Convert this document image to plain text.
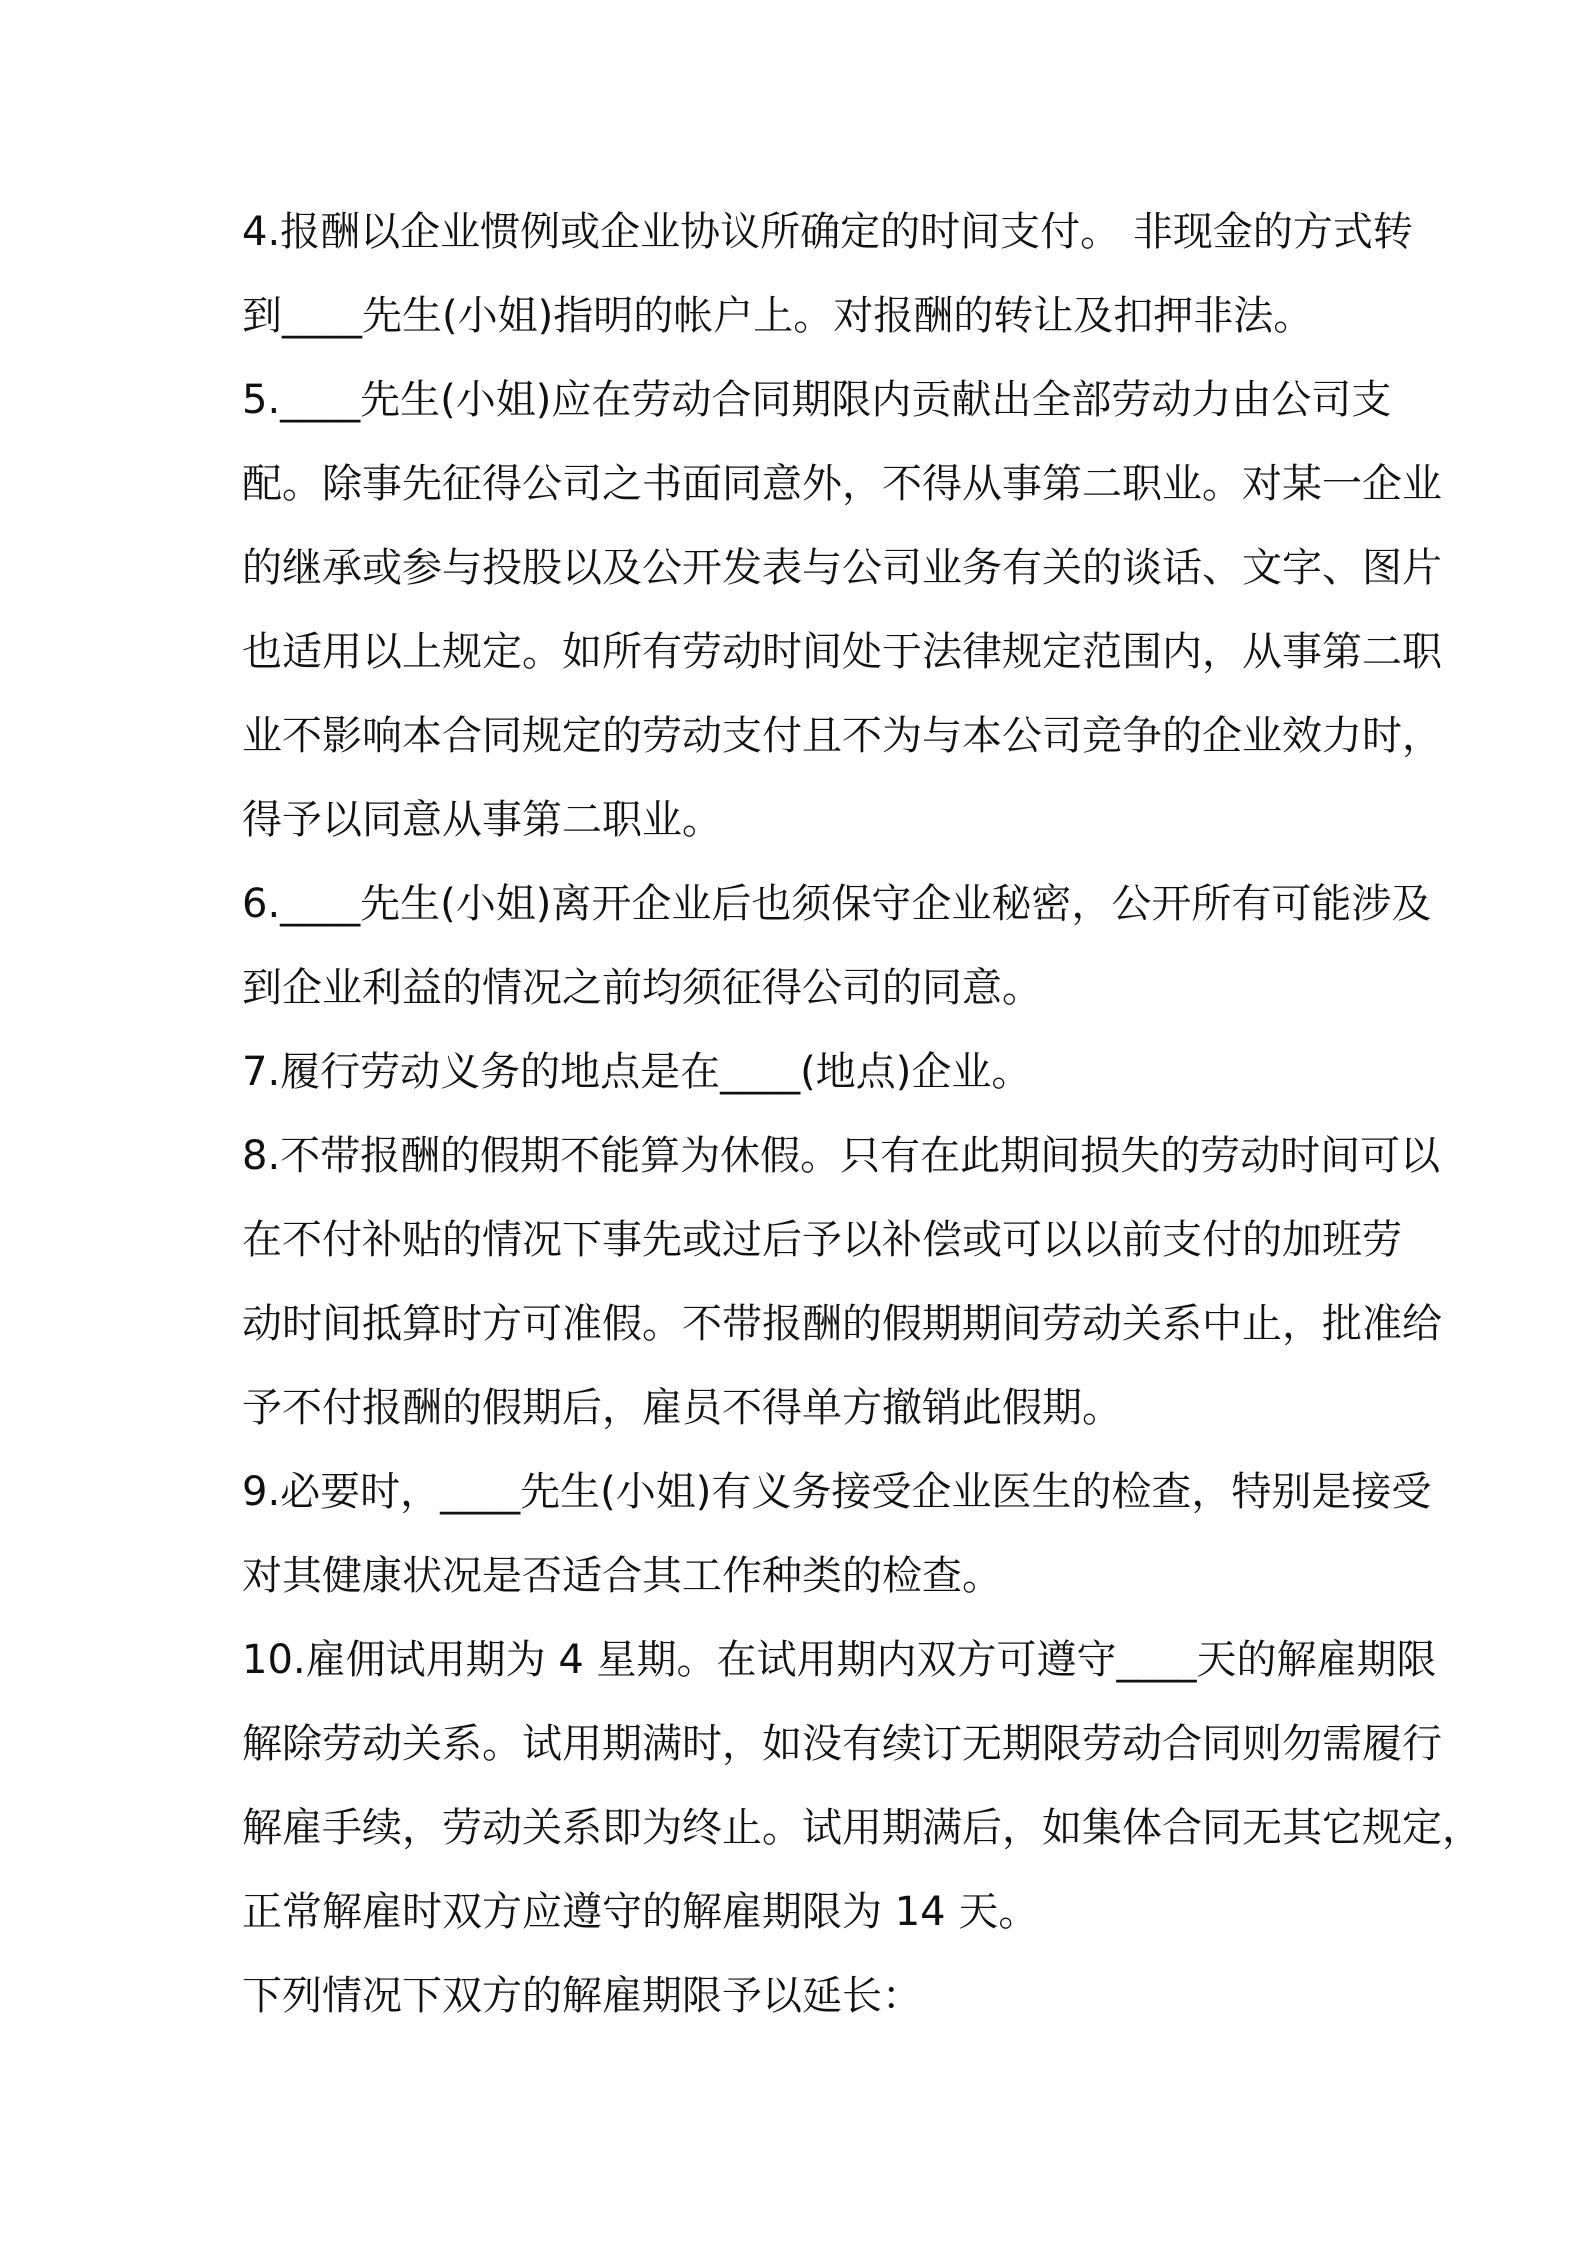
4.报酬以企业惯例或企业协议所确定的时间支付。 非现金的方式转
到____先生(小姐)指明的帐户上。对报酬的转让及扣押非法。
5.____先生(小姐)应在劳动合同期限内贡献出全部劳动力由公司支
配。除事先征得公司之书面同意外，不得从事第二职业。对某一企业
的继承或参与投股以及公开发表与公司业务有关的谈话、文字、图片
也适用以上规定。如所有劳动时间处于法律规定范围内，从事第二职
业不影响本合同规定的劳动支付且不为与本公司竞争的企业效力时，
得予以同意从事第二职业。
6.____先生(小姐)离开企业后也须保守企业秘密，公开所有可能涉及
到企业利益的情况之前均须征得公司的同意。
7.履行劳动义务的地点是在____(地点)企业。
8.不带报酬的假期不能算为休假。只有在此期间损失的劳动时间可以
在不付补贴的情况下事先或过后予以补偿或可以以前支付的加班劳
动时间抵算时方可准假。不带报酬的假期期间劳动关系中止，批准给
予不付报酬的假期后，雇员不得单方撤销此假期。
9.必要时，____先生(小姐)有义务接受企业医生的检查，特别是接受
对其健康状况是否适合其工作种类的检查。
10.雇佣试用期为 4 星期。在试用期内双方可遵守____天的解雇期限
解除劳动关系。试用期满时，如没有续订无期限劳动合同则勿需履行
解雇手续，劳动关系即为终止。试用期满后，如集体合同无其它规定，
正常解雇时双方应遵守的解雇期限为 14 天。
下列情况下双方的解雇期限予以延长：
